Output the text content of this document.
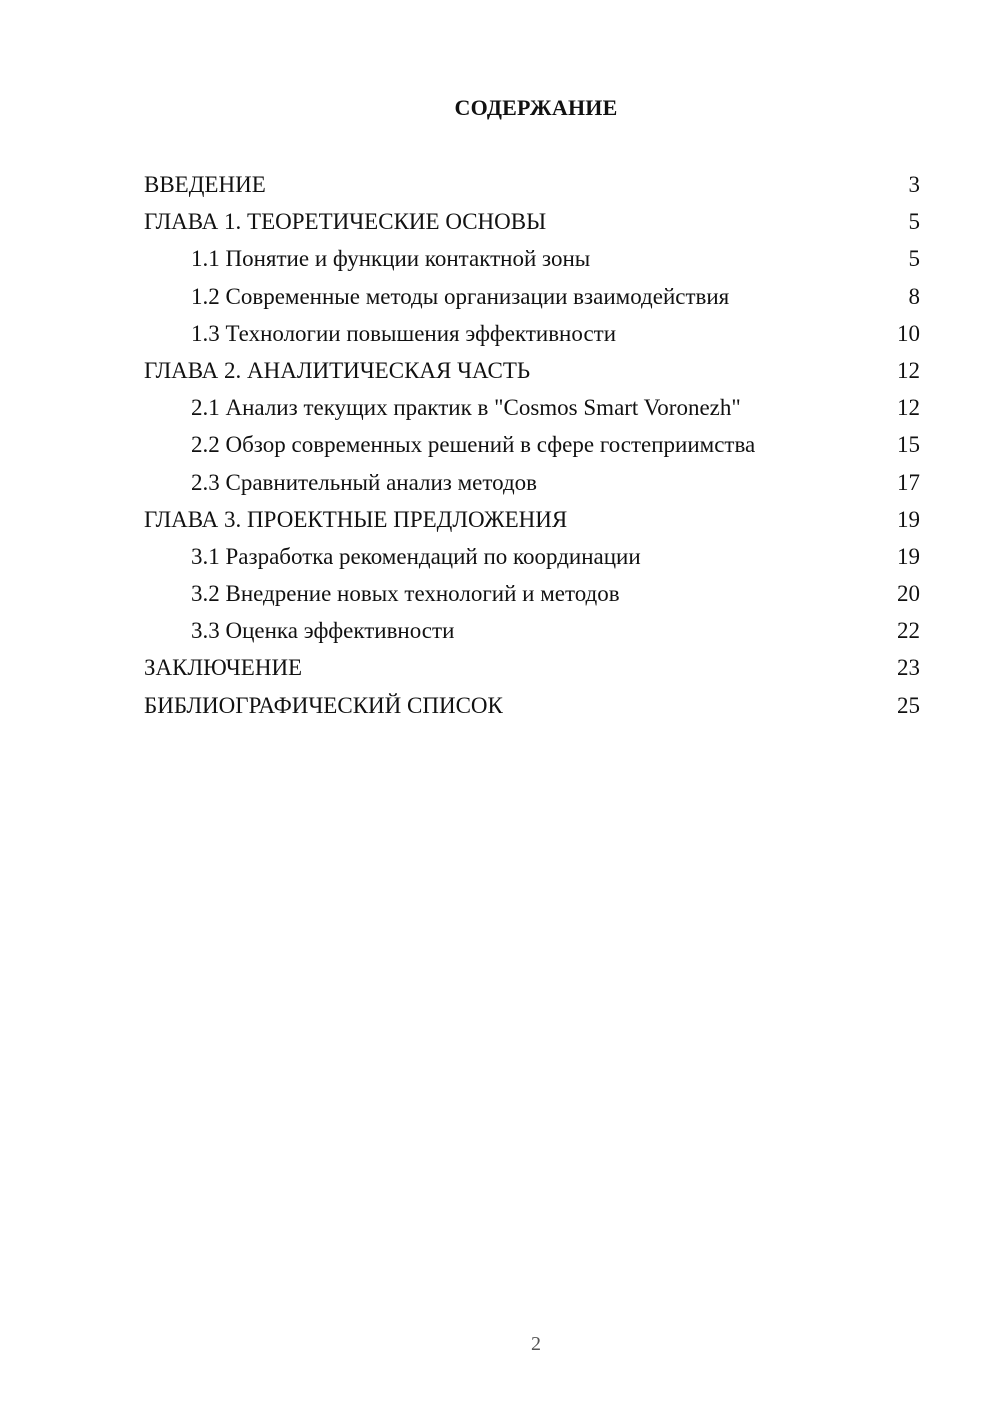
СОДЕРЖАНИЕ
ВВЕДЕНИЕ	3
ГЛАВА 1. ТЕОРЕТИЧЕСКИЕ ОСНОВЫ	5
1.1 Понятие и функции контактной зоны	5
1.2 Современные методы организации взаимодействия	8
1.3 Технологии повышения эффективности	10
ГЛАВА 2. АНАЛИТИЧЕСКАЯ ЧАСТЬ	12
2.1 Анализ текущих практик в "Cosmos Smart Voronezh"	12
2.2 Обзор современных решений в сфере гостеприимства	15
2.3 Сравнительный анализ методов	17
ГЛАВА 3. ПРОЕКТНЫЕ ПРЕДЛОЖЕНИЯ	19
3.1 Разработка рекомендаций по координации	19
3.2 Внедрение новых технологий и методов	20
3.3 Оценка эффективности	22
ЗАКЛЮЧЕНИЕ	23
БИБЛИОГРАФИЧЕСКИЙ СПИСОК	25
2
